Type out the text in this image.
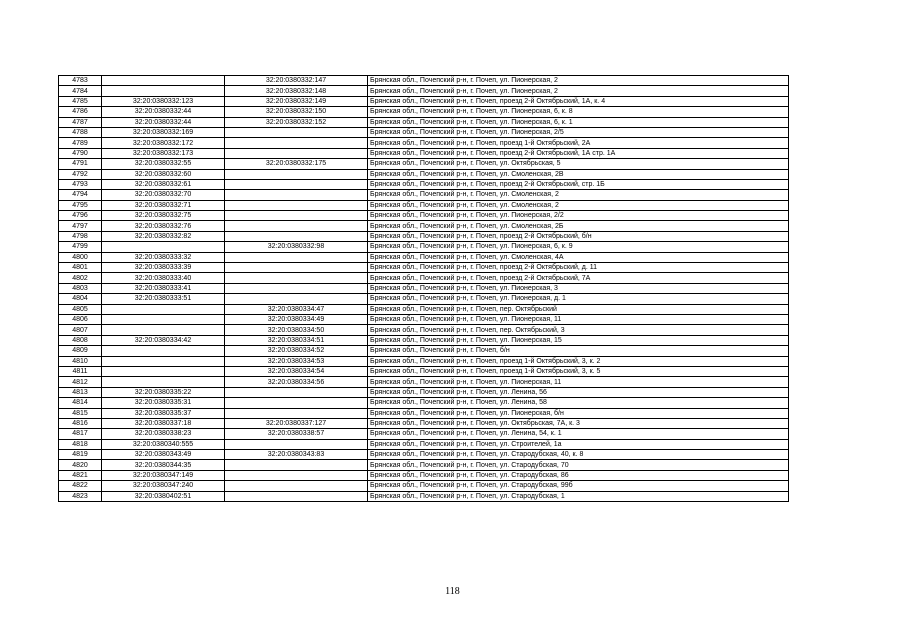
4783		32:20:0380332:147	Брянская обл., Почепский р-н, г. Почеп, ул. Пионерская, 2
4784		32:20:0380332:148	Брянская обл., Почепский р-н, г. Почеп, ул. Пионерская, 2
4785	32:20:0380332:123	32:20:0380332:149	Брянская обл., Почепский р-н, г. Почеп, проезд 2-й Октябрьский, 1А, к. 4
4786	32:20:0380332:44	32:20:0380332:150	Брянская обл., Почепский р-н, г. Почеп, ул. Пионерская, 6, к. 8
4787	32:20:0380332:44	32:20:0380332:152	Брянская обл., Почепский р-н, г. Почеп, ул. Пионерская, 6, к. 1
4788	32:20:0380332:169		Брянская обл., Почепский р-н, г. Почеп, ул. Пионерская, 2/5
4789	32:20:0380332:172		Брянская обл., Почепский р-н, г. Почеп, проезд 1-й Октябрьский, 2А
4790	32:20:0380332:173		Брянская обл., Почепский р-н, г. Почеп, проезд 2-й Октябрьский, 1А стр. 1А
4791	32:20:0380332:55	32:20:0380332:175	Брянская обл., Почепский р-н, г. Почеп, ул. Октябрьская, 5
4792	32:20:0380332:60		Брянская обл., Почепский р-н, г. Почеп, ул. Смоленская, 2В
4793	32:20:0380332:61		Брянская обл., Почепский р-н, г. Почеп, проезд 2-й Октябрьский, стр. 1Б
4794	32:20:0380332:70		Брянская обл., Почепский р-н, г. Почеп, ул. Смоленская, 2
4795	32:20:0380332:71		Брянская обл., Почепский р-н, г. Почеп, ул. Смоленская, 2
4796	32:20:0380332:75		Брянская обл., Почепский р-н, г. Почеп, ул. Пионерская, 2/2
4797	32:20:0380332:76		Брянская обл., Почепский р-н, г. Почеп, ул. Смоленская, 2Б
4798	32:20:0380332:82		Брянская обл., Почепский р-н, г. Почеп, проезд 2-й Октябрьский, б/н
4799		32:20:0380332:98	Брянская обл., Почепский р-н, г. Почеп, ул. Пионерская, 6, к. 9
4800	32:20:0380333:32		Брянская обл., Почепский р-н, г. Почеп, ул. Смоленская, 4А
4801	32:20:0380333:39		Брянская обл., Почепский р-н, г. Почеп, проезд 2-й Октябрьский, д. 11
4802	32:20:0380333:40		Брянская обл., Почепский р-н, г. Почеп, проезд 2-й Октябрьский, 7А
4803	32:20:0380333:41		Брянская обл., Почепский р-н, г. Почеп, ул. Пионерская, 3
4804	32:20:0380333:51		Брянская обл., Почепский р-н, г. Почеп, ул. Пионерская, д. 1
4805		32:20:0380334:47	Брянская обл., Почепский р-н, г. Почеп, пер. Октябрьский
4806		32:20:0380334:49	Брянская обл., Почепский р-н, г. Почеп, ул. Пионерская, 11
4807		32:20:0380334:50	Брянская обл., Почепский р-н, г. Почеп, пер. Октябрьский, 3
4808	32:20:0380334:42	32:20:0380334:51	Брянская обл., Почепский р-н, г. Почеп, ул. Пионерская, 15
4809		32:20:0380334:52	Брянская обл., Почепский р-н, г. Почеп, б/н
4810		32:20:0380334:53	Брянская обл., Почепский р-н, г. Почеп, проезд 1-й Октябрьский, 3, к. 2
4811		32:20:0380334:54	Брянская обл., Почепский р-н, г. Почеп, проезд 1-й Октябрьский, 3, к. 5
4812		32:20:0380334:56	Брянская обл., Почепский р-н, г. Почеп, ул. Пионерская, 11
4813	32:20:0380335:22		Брянская обл., Почепский р-н, г. Почеп, ул. Ленина, 56
4814	32:20:0380335:31		Брянская обл., Почепский р-н, г. Почеп, ул. Ленина, 58
4815	32:20:0380335:37		Брянская обл., Почепский р-н, г. Почеп, ул. Пионерская, б/н
4816	32:20:0380337:18	32:20:0380337:127	Брянская обл., Почепский р-н, г. Почеп, ул. Октябрьская, 7А, к. 3
4817	32:20:0380338:23	32:20:0380338:57	Брянская обл., Почепский р-н, г. Почеп, ул. Ленина, 54, к. 1
4818	32:20:0380340:555		Брянская обл., Почепский р-н, г. Почеп, ул. Строителей, 1а
4819	32:20:0380343:49	32:20:0380343:83	Брянская обл., Почепский р-н, г. Почеп, ул. Стародубская, 40, к. 8
4820	32:20:0380344:35		Брянская обл., Почепский р-н, г. Почеп, ул. Стародубская, 70
4821	32:20:0380347:149		Брянская обл., Почепский р-н, г. Почеп, ул. Стародубская, 86
4822	32:20:0380347:240		Брянская обл., Почепский р-н, г. Почеп, ул. Стародубская, 99б
4823	32:20:0380402:51		Брянская обл., Почепский р-н, г. Почеп, ул. Стародубская, 1
118
